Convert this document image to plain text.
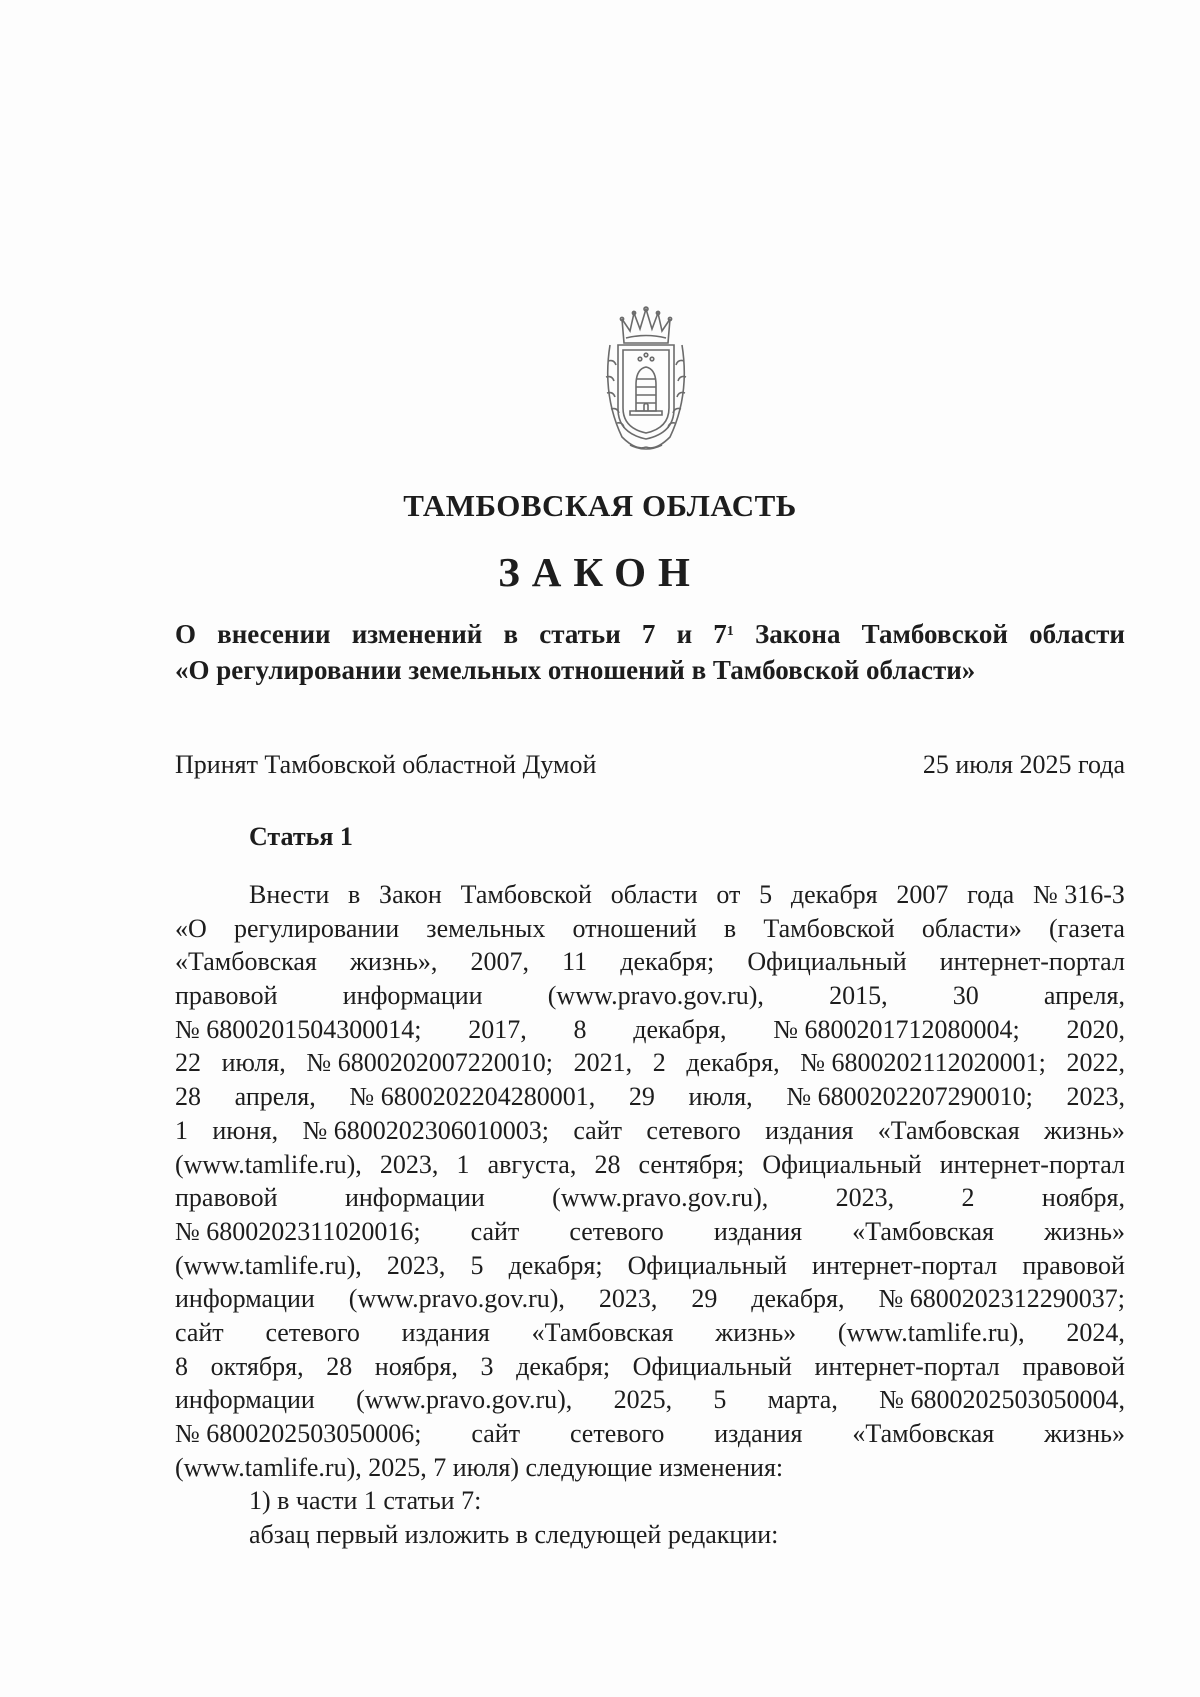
ТАМБОВСКАЯ ОБЛАСТЬ
ЗАКОН
О внесении изменений в статьи 7 и $7^1$ Закона Тамбовской области
«О регулировании земельных отношений в Тамбовской области»
Принят Тамбовской областной Думой	25 июля 2025 года
Статья 1
Внести в Закон Тамбовской области от 5 декабря 2007 года № 316-З
«О регулировании земельных отношений в Тамбовской области» (газета
«Тамбовская жизнь», 2007, 11 декабря; Официальный интернет-портал
правовой	информации	(www.pravo.gov.ru),	2015,	30	апреля,
№ 6800201504300014; 2017, 8 декабря, № 6800201712080004; 2020,
22 июля, № 6800202007220010; 2021, 2 декабря, № 6800202112020001; 2022,
28 апреля, № 6800202204280001, 29 июля, № 6800202207290010; 2023,
1 июня, № 6800202306010003; сайт сетевого издания «Тамбовская жизнь»
(www.tamlife.ru), 2023, 1 августа, 28 сентября; Официальный интернет-портал
правовой	информации	(www.pravo.gov.ru),	2023,	2	ноября,
№ 6800202311020016; сайт сетевого издания «Тамбовская жизнь»
(www.tamlife.ru), 2023, 5 декабря; Официальный интернет-портал правовой
информации (www.pravo.gov.ru), 2023, 29 декабря, № 6800202312290037;
сайт сетевого издания «Тамбовская жизнь» (www.tamlife.ru), 2024,
8 октября, 28 ноября, 3 декабря; Официальный интернет-портал правовой
информации (www.pravo.gov.ru), 2025, 5 марта, № 6800202503050004,
№ 6800202503050006; сайт сетевого издания «Тамбовская жизнь»
(www.tamlife.ru), 2025, 7 июля) следующие изменения:
1) в части 1 статьи 7:
абзац первый изложить в следующей редакции:
